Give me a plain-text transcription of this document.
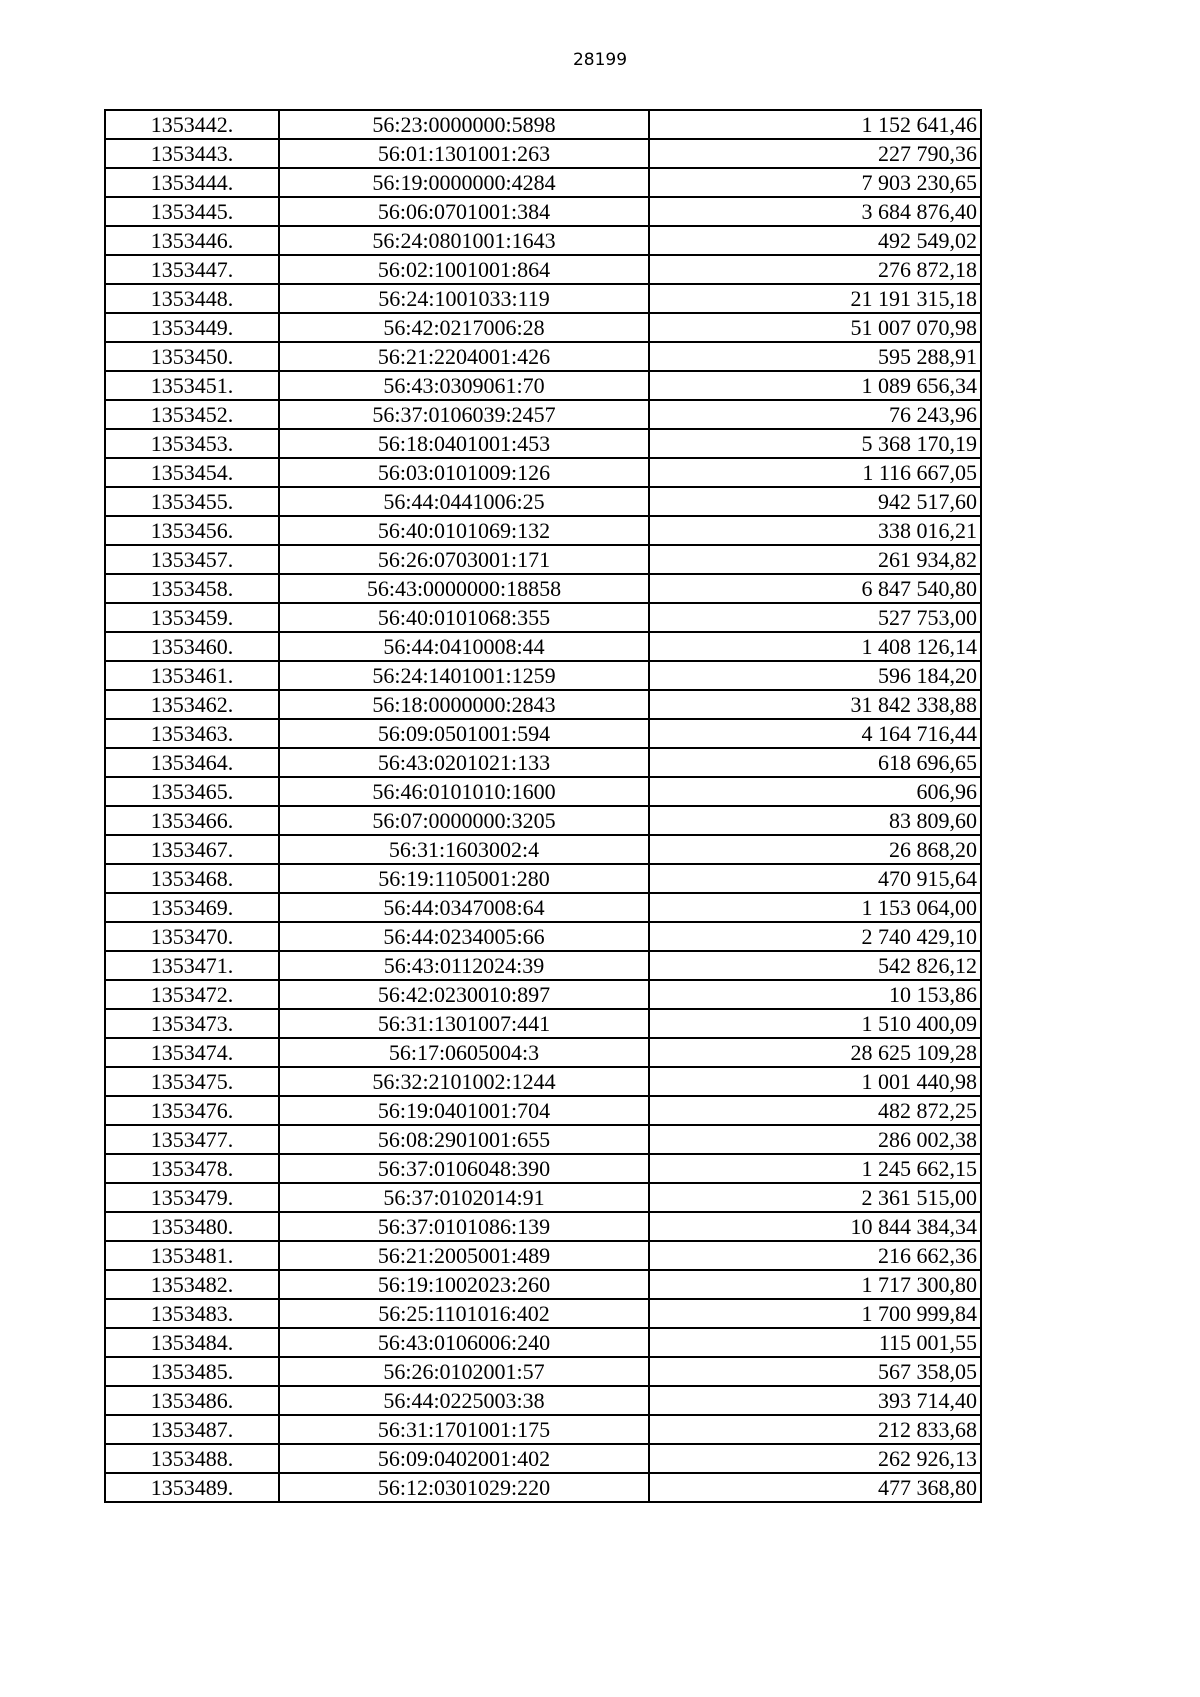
28199
1353442.	56:23:0000000:5898	1 152 641,46
1353443.	56:01:1301001:263	227 790,36
1353444.	56:19:0000000:4284	7 903 230,65
1353445.	56:06:0701001:384	3 684 876,40
1353446.	56:24:0801001:1643	492 549,02
1353447.	56:02:1001001:864	276 872,18
1353448.	56:24:1001033:119	21 191 315,18
1353449.	56:42:0217006:28	51 007 070,98
1353450.	56:21:2204001:426	595 288,91
1353451.	56:43:0309061:70	1 089 656,34
1353452.	56:37:0106039:2457	76 243,96
1353453.	56:18:0401001:453	5 368 170,19
1353454.	56:03:0101009:126	1 116 667,05
1353455.	56:44:0441006:25	942 517,60
1353456.	56:40:0101069:132	338 016,21
1353457.	56:26:0703001:171	261 934,82
1353458.	56:43:0000000:18858	6 847 540,80
1353459.	56:40:0101068:355	527 753,00
1353460.	56:44:0410008:44	1 408 126,14
1353461.	56:24:1401001:1259	596 184,20
1353462.	56:18:0000000:2843	31 842 338,88
1353463.	56:09:0501001:594	4 164 716,44
1353464.	56:43:0201021:133	618 696,65
1353465.	56:46:0101010:1600	606,96
1353466.	56:07:0000000:3205	83 809,60
1353467.	56:31:1603002:4	26 868,20
1353468.	56:19:1105001:280	470 915,64
1353469.	56:44:0347008:64	1 153 064,00
1353470.	56:44:0234005:66	2 740 429,10
1353471.	56:43:0112024:39	542 826,12
1353472.	56:42:0230010:897	10 153,86
1353473.	56:31:1301007:441	1 510 400,09
1353474.	56:17:0605004:3	28 625 109,28
1353475.	56:32:2101002:1244	1 001 440,98
1353476.	56:19:0401001:704	482 872,25
1353477.	56:08:2901001:655	286 002,38
1353478.	56:37:0106048:390	1 245 662,15
1353479.	56:37:0102014:91	2 361 515,00
1353480.	56:37:0101086:139	10 844 384,34
1353481.	56:21:2005001:489	216 662,36
1353482.	56:19:1002023:260	1 717 300,80
1353483.	56:25:1101016:402	1 700 999,84
1353484.	56:43:0106006:240	115 001,55
1353485.	56:26:0102001:57	567 358,05
1353486.	56:44:0225003:38	393 714,40
1353487.	56:31:1701001:175	212 833,68
1353488.	56:09:0402001:402	262 926,13
1353489.	56:12:0301029:220	477 368,80
